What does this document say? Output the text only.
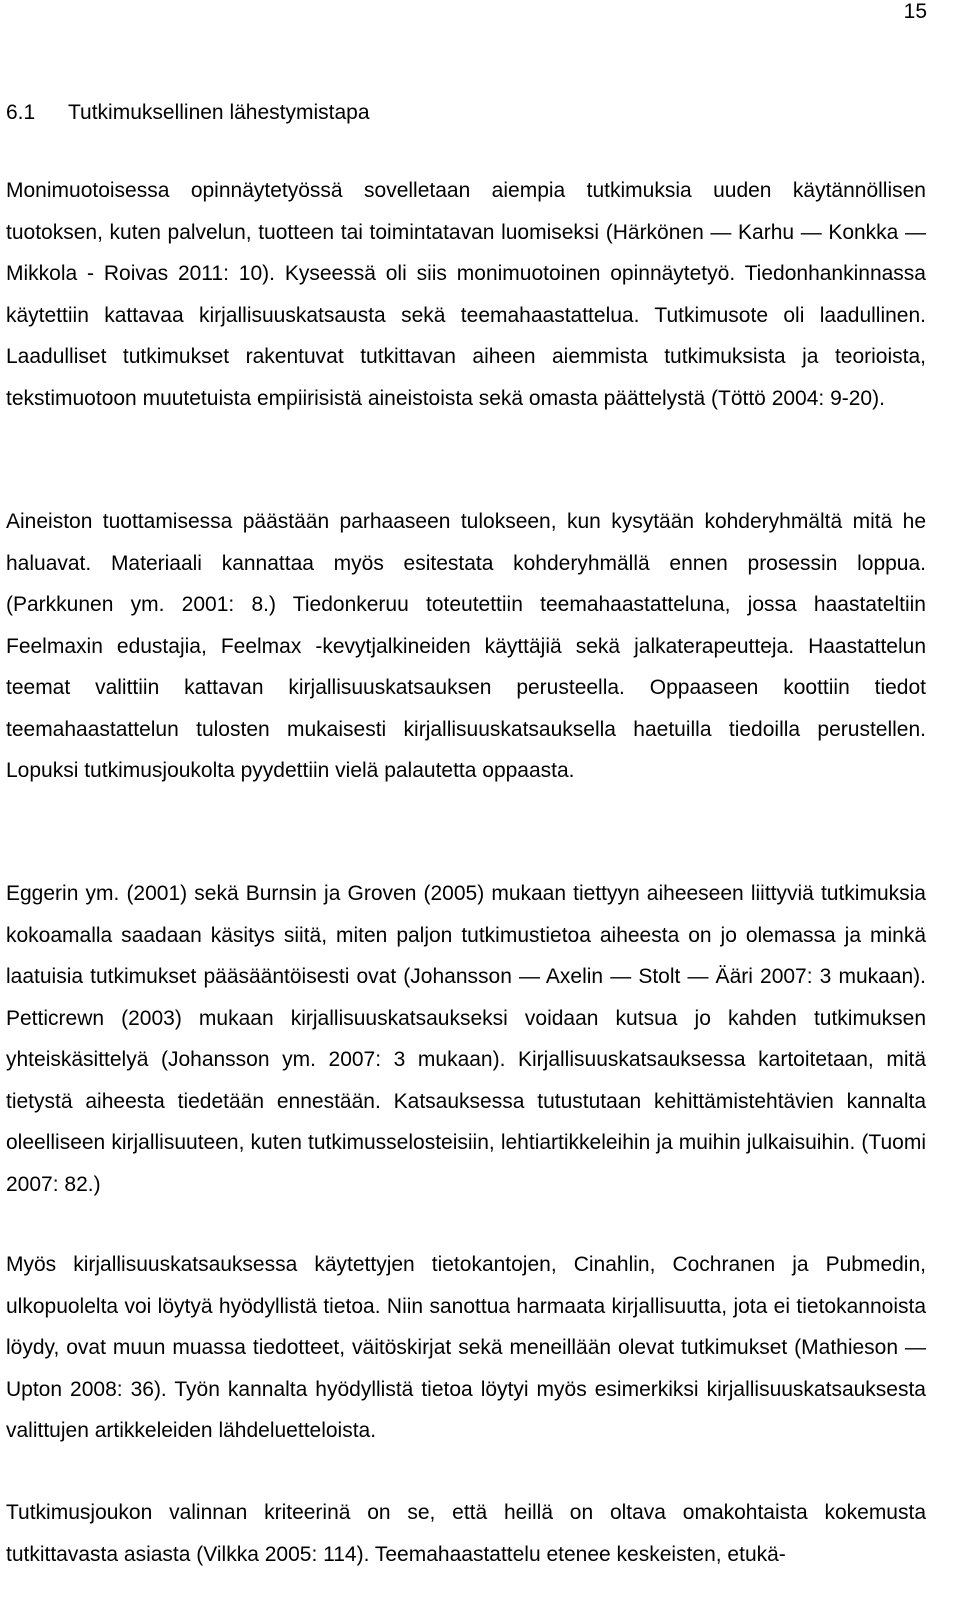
15
6.1 Tutkimuksellinen lähestymistapa

Monimuotoisessa opinnäytetyössä sovelletaan aiempia tutkimuksia uuden käytännöllisen tuotoksen, kuten palvelun, tuotteen tai toimintatavan luomiseksi (Härkönen — Karhu — Konkka — Mikkola - Roivas 2011: 10). Kyseessä oli siis monimuotoinen opinnäytetyö. Tiedonhankinnassa käytettiin kattavaa kirjallisuuskatsausta sekä teemahaastattelua. Tutkimusote oli laadullinen. Laadulliset tutkimukset rakentuvat tutkittavan aiheen aiemmista tutkimuksista ja teorioista, tekstimuotoon muutetuista empiirisistä aineistoista sekä omasta päättelystä (Töttö 2004: 9-20).

Aineiston tuottamisessa päästään parhaaseen tulokseen, kun kysytään kohderyhmältä mitä he haluavat. Materiaali kannattaa myös esitestata kohderyhmällä ennen prosessin loppua. (Parkkunen ym. 2001: 8.) Tiedonkeruu toteutettiin teemahaastatteluna, jossa haastateltiin Feelmaxin edustajia, Feelmax -kevytjalkineiden käyttäjiä sekä jalkaterapeutteja. Haastattelun teemat valittiin kattavan kirjallisuuskatsauksen perusteella. Oppaaseen koottiin tiedot teemahaastattelun tulosten mukaisesti kirjallisuuskatsauksella haetuilla tiedoilla perustellen. Lopuksi tutkimusjoukolta pyydettiin vielä palautetta oppaasta.

Eggerin ym. (2001) sekä Burnsin ja Groven (2005) mukaan tiettyyn aiheeseen liittyviä tutkimuksia kokoamalla saadaan käsitys siitä, miten paljon tutkimustietoa aiheesta on jo olemassa ja minkä laatuisia tutkimukset pääsääntöisesti ovat (Johansson — Axelin — Stolt — Ääri 2007: 3 mukaan). Petticrewn (2003) mukaan kirjallisuuskatsaukseksi voidaan kutsua jo kahden tutkimuksen yhteiskäsittelyä (Johansson ym. 2007: 3 mukaan). Kirjallisuuskatsauksessa kartoitetaan, mitä tietystä aiheesta tiedetään ennestään. Katsauksessa tutustutaan kehittämistehtävien kannalta oleelliseen kirjallisuuteen, kuten tutkimusselosteisiin, lehtiartikkeleihin ja muihin julkaisuihin. (Tuomi 2007: 82.)

Myös kirjallisuuskatsauksessa käytettyjen tietokantojen, Cinahlin, Cochranen ja Pubmedin, ulkopuolelta voi löytyä hyödyllistä tietoa. Niin sanottua harmaata kirjallisuutta, jota ei tietokannoista löydy, ovat muun muassa tiedotteet, väitöskirjat sekä meneillään olevat tutkimukset (Mathieson — Upton 2008: 36). Työn kannalta hyödyllistä tietoa löytyi myös esimerkiksi kirjallisuuskatsauksesta valittujen artikkeleiden lähdeluetteloista.

Tutkimusjoukon valinnan kriteerinä on se, että heillä on oltava omakohtaista kokemusta tutkittavasta asiasta (Vilkka 2005: 114). Teemahaastattelu etenee keskeisten, etukä-
